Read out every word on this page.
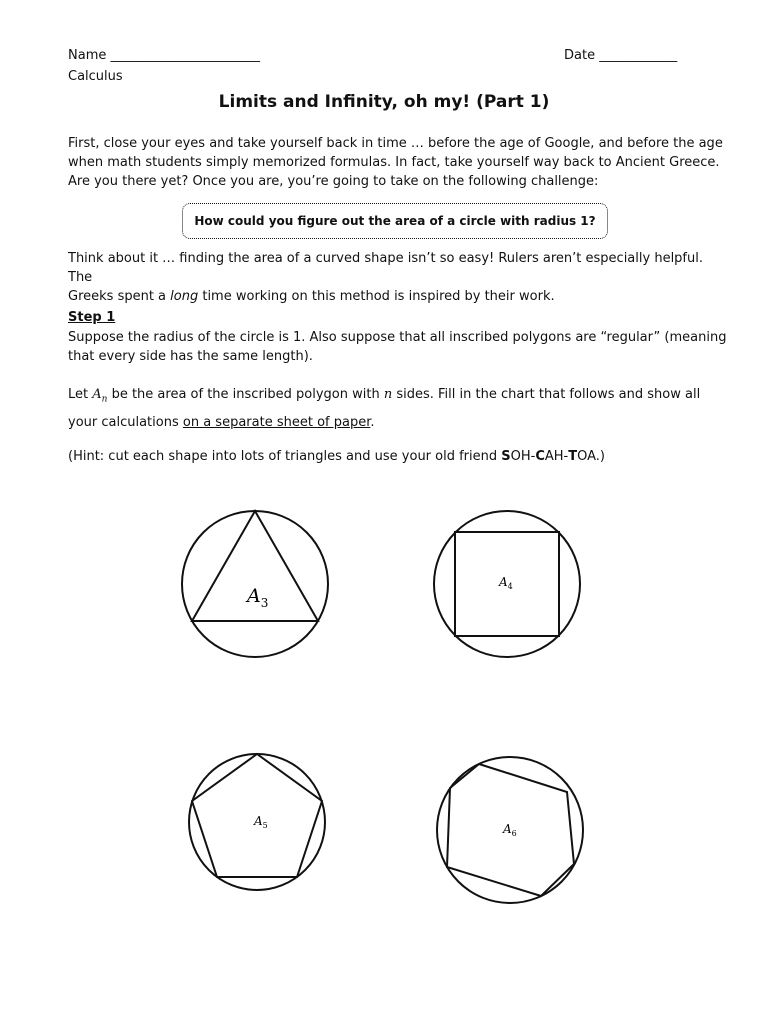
Name _______________________	Date ____________
Calculus
Limits and Infinity, oh my! (Part 1)
First, close your eyes and take yourself back in time … before the age of Google, and before the age
when math students simply memorized formulas. In fact, take yourself way back to Ancient Greece.
Are you there yet? Once you are, you’re going to take on the following challenge:
How could you figure out the area of a circle with radius 1?
Think about it … finding the area of a curved shape isn’t so easy! Rulers aren’t especially helpful. The
Greeks spent a long time working on this method is inspired by their work.
Step 1
Suppose the radius of the circle is 1. Also suppose that all inscribed polygons are “regular” (meaning
that every side has the same length).
Let $A_n$ be the area of the inscribed polygon with n sides. Fill in the chart that follows and show all
your calculations on a separate sheet of paper.
(Hint: cut each shape into lots of triangles and use your old friend SOH-CAH-TOA.)
$A_3$
$A_4$
$A_5$	$A_6$
